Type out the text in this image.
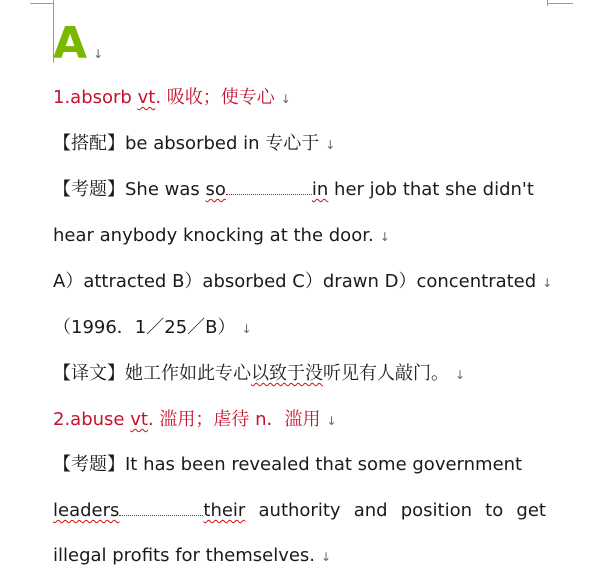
A ↓
1.absorb vt. 吸收；使专心 ↓
【搭配】be absorbed in 专心于 ↓
【考题】She was so	in her job that she didn't
hear anybody knocking at the door. ↓
A）attracted B）absorbed C）drawn D）concentrated ↓
（1996．1／25／B） ↓
【译文】她工作如此专心以致于没听见有人敲门。 ↓
2.abuse vt. 滥用；虐待 n．滥用 ↓
【考题】It has been revealed that some government
leaders	their authority and position to get
illegal profits for themselves. ↓
